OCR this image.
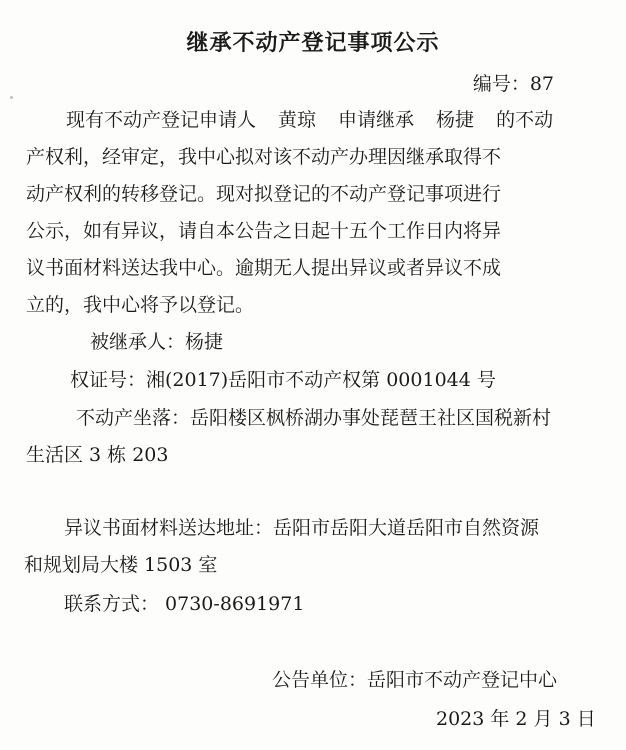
继承不动产登记事项公示
编号：87
现有不动产登记申请人 黄琼 申请继承 杨捷 的不动
产权利，经审定，我中心拟对该不动产办理因继承取得不
动产权利的转移登记。现对拟登记的不动产登记事项进行
公示，如有异议，请自本公告之日起十五个工作日内将异
议书面材料送达我中心。逾期无人提出异议或者异议不成
立的，我中心将予以登记。
被继承人：杨捷
权证号：湘(2017)岳阳市不动产权第 0001044 号
不动产坐落：岳阳楼区枫桥湖办事处琵琶王社区国税新村
生活区 3 栋 203
异议书面材料送达地址：岳阳市岳阳大道岳阳市自然资源
和规划局大楼 1503 室
联系方式： 0730-8691971
公告单位：岳阳市不动产登记中心
2023 年 2 月 3 日
